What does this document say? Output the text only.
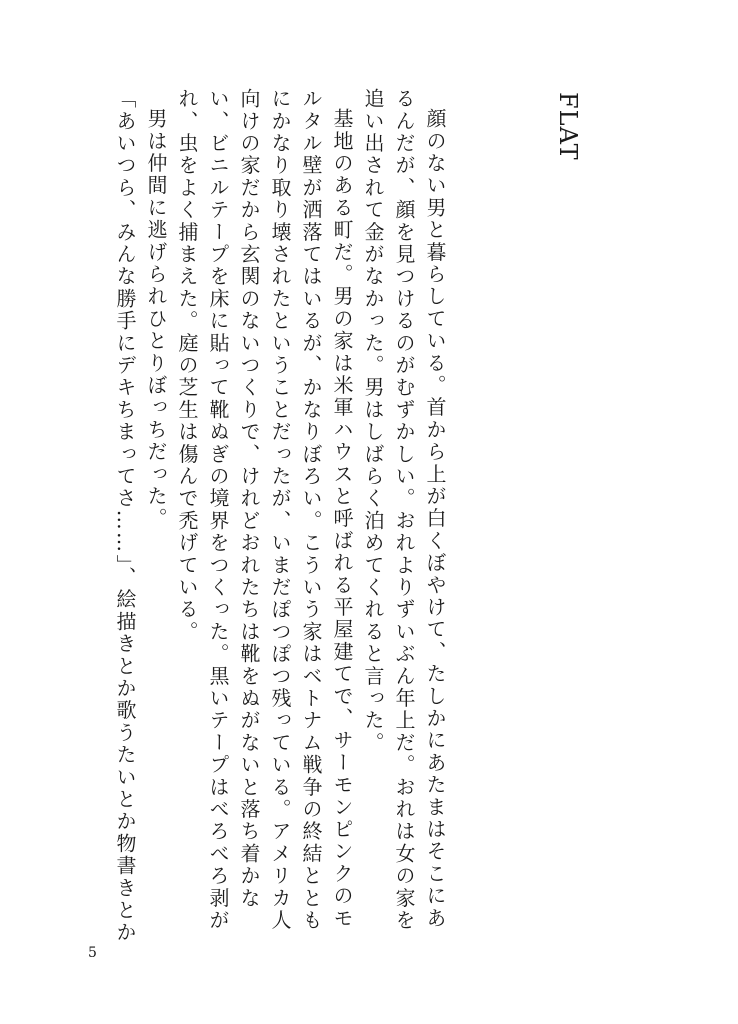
FLAT

顔のない男と暮らしている。首から上が白くぼやけて、たしかにあたまはそこにあるんだが、顔を見つけるのがむずかしい。おれよりずいぶん年上だ。おれは女の家を追い出されて金がなかった。男はしばらく泊めてくれると言った。

基地のある町だ。男の家は米軍ハウスと呼ばれる平屋建てで、サーモンピンクのモルタル壁が洒落てはいるが、かなりぼろい。こういう家はベトナム戦争の終結とともにかなり取り壊されたということだったが、いまだぽつぽつ残っている。アメリカ人向けの家だから玄関のないつくりで、けれどおれたちは靴をぬがないと落ち着かない、ビニルテープを床に貼って靴ぬぎの境界をつくった。黒いテープはべろべろ剥がれ、虫をよく捕まえた。庭の芝生は傷んで禿げている。

男は仲間に逃げられひとりぼっちだった。

「あいつら、みんな勝手にデキちまってさ……」、絵描きとか歌うたいとか物書きとか

5
